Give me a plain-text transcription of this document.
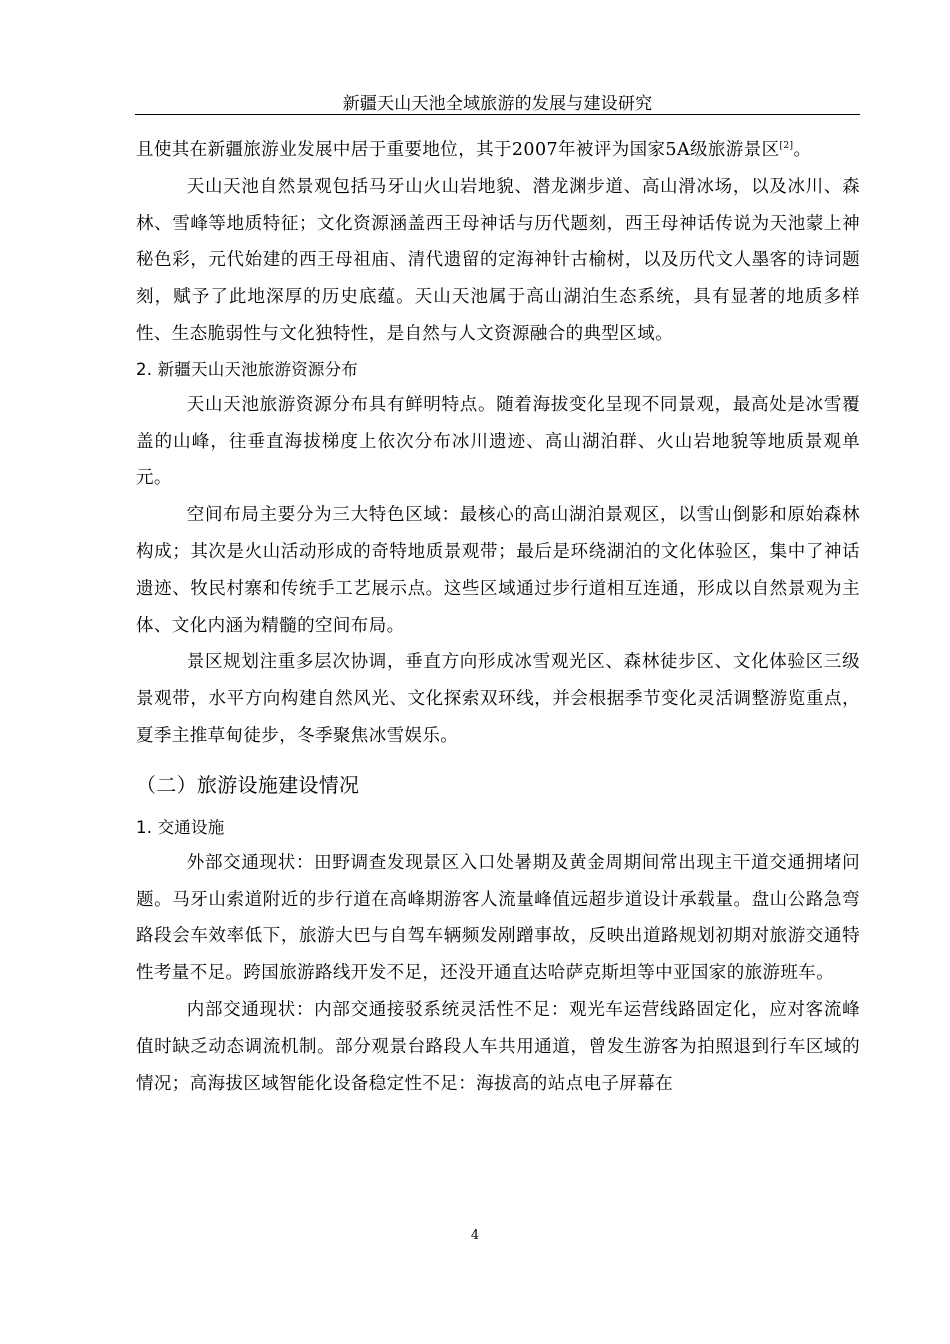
新疆天山天池全域旅游的发展与建设研究

且使其在新疆旅游业发展中居于重要地位，其于2007年被评为国家5A级旅游景区[2]。

天山天池自然景观包括马牙山火山岩地貌、潜龙渊步道、高山滑冰场，以及冰川、森林、雪峰等地质特征；文化资源涵盖西王母神话与历代题刻，西王母神话传说为天池蒙上神秘色彩，元代始建的西王母祖庙、清代遗留的定海神针古榆树，以及历代文人墨客的诗词题刻，赋予了此地深厚的历史底蕴。天山天池属于高山湖泊生态系统，具有显著的地质多样性、生态脆弱性与文化独特性，是自然与人文资源融合的典型区域。

2. 新疆天山天池旅游资源分布

天山天池旅游资源分布具有鲜明特点。随着海拔变化呈现不同景观，最高处是冰雪覆盖的山峰，往垂直海拔梯度上依次分布冰川遗迹、高山湖泊群、火山岩地貌等地质景观单元。

空间布局主要分为三大特色区域：最核心的高山湖泊景观区，以雪山倒影和原始森林构成；其次是火山活动形成的奇特地质景观带；最后是环绕湖泊的文化体验区，集中了神话遗迹、牧民村寨和传统手工艺展示点。这些区域通过步行道相互连通，形成以自然景观为主体、文化内涵为精髓的空间布局。

景区规划注重多层次协调，垂直方向形成冰雪观光区、森林徒步区、文化体验区三级景观带，水平方向构建自然风光、文化探索双环线，并会根据季节变化灵活调整游览重点，夏季主推草甸徒步，冬季聚焦冰雪娱乐。

（二）旅游设施建设情况

1. 交通设施

外部交通现状：田野调查发现景区入口处暑期及黄金周期间常出现主干道交通拥堵问题。马牙山索道附近的步行道在高峰期游客人流量峰值远超步道设计承载量。盘山公路急弯路段会车效率低下，旅游大巴与自驾车辆频发剐蹭事故，反映出道路规划初期对旅游交通特性考量不足。跨国旅游路线开发不足，还没开通直达哈萨克斯坦等中亚国家的旅游班车。

内部交通现状：内部交通接驳系统灵活性不足：观光车运营线路固定化，应对客流峰值时缺乏动态调流机制。部分观景台路段人车共用通道，曾发生游客为拍照退到行车区域的情况；高海拔区域智能化设备稳定性不足：海拔高的站点电子屏幕在

4
